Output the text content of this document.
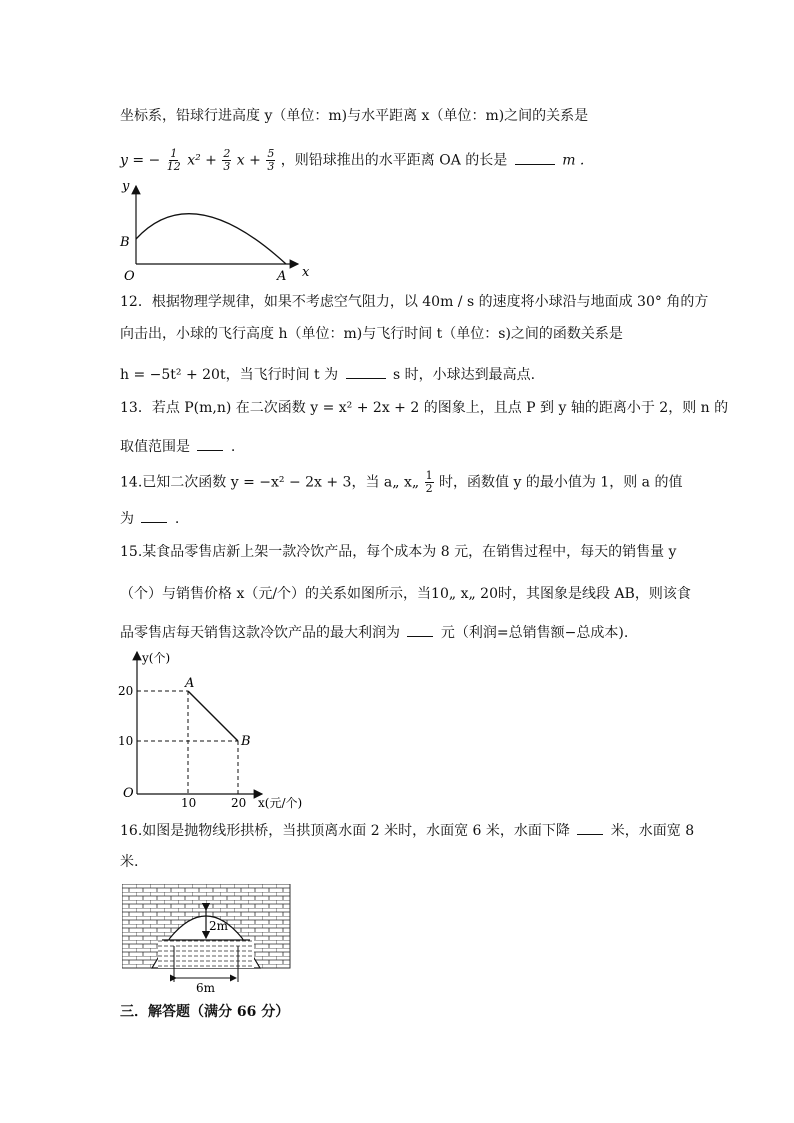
坐标系，铅球行进高度 y（单位：m)与水平距离 x（单位：m)之间的关系是
y = − $\frac{1}{12} x^2 + \frac{2}{3}$ $x + \frac{5}{3}$ ，则铅球推出的水平距离 OA 的长是	m .
y
B
O	A x
12．根据物理学规律，如果不考虑空气阻力，以 40m / s 的速度将小球沿与地面成 30° 角的方
向击出，小球的飞行高度 h（单位：m)与飞行时间 t（单位：s)之间的函数关系是
h = −5t² + 20t，当飞行时间 t 为	s 时，小球达到最高点.
13．若点 P(m,n) 在二次函数 y = x² + 2x + 2 的图象上，且点 P 到 y 轴的距离小于 2，则 n 的
取值范围是	.
14.已知二次函数 y = −x² − 2x + 3，当 a„ x„ $\frac{1}{2}$ 时，函数值 y 的最小值为 1，则 a 的值
为	.
15.某食品零售店新上架一款冷饮产品，每个成本为 8 元，在销售过程中，每天的销售量 y
（个）与销售价格 x（元/个）的关系如图所示，当10„ x„ 20时，其图象是线段 AB，则该食
品零售店每天销售这款冷饮产品的最大利润为	元（利润=总销售额−总成本).
y(个)
20
10
O
10	20 x(元/个)
A
B
16.如图是抛物线形拱桥，当拱顶离水面 2 米时，水面宽 6 米，水面下降	米，水面宽 8
米.
2m
6m
三．解答题（满分 66 分）
